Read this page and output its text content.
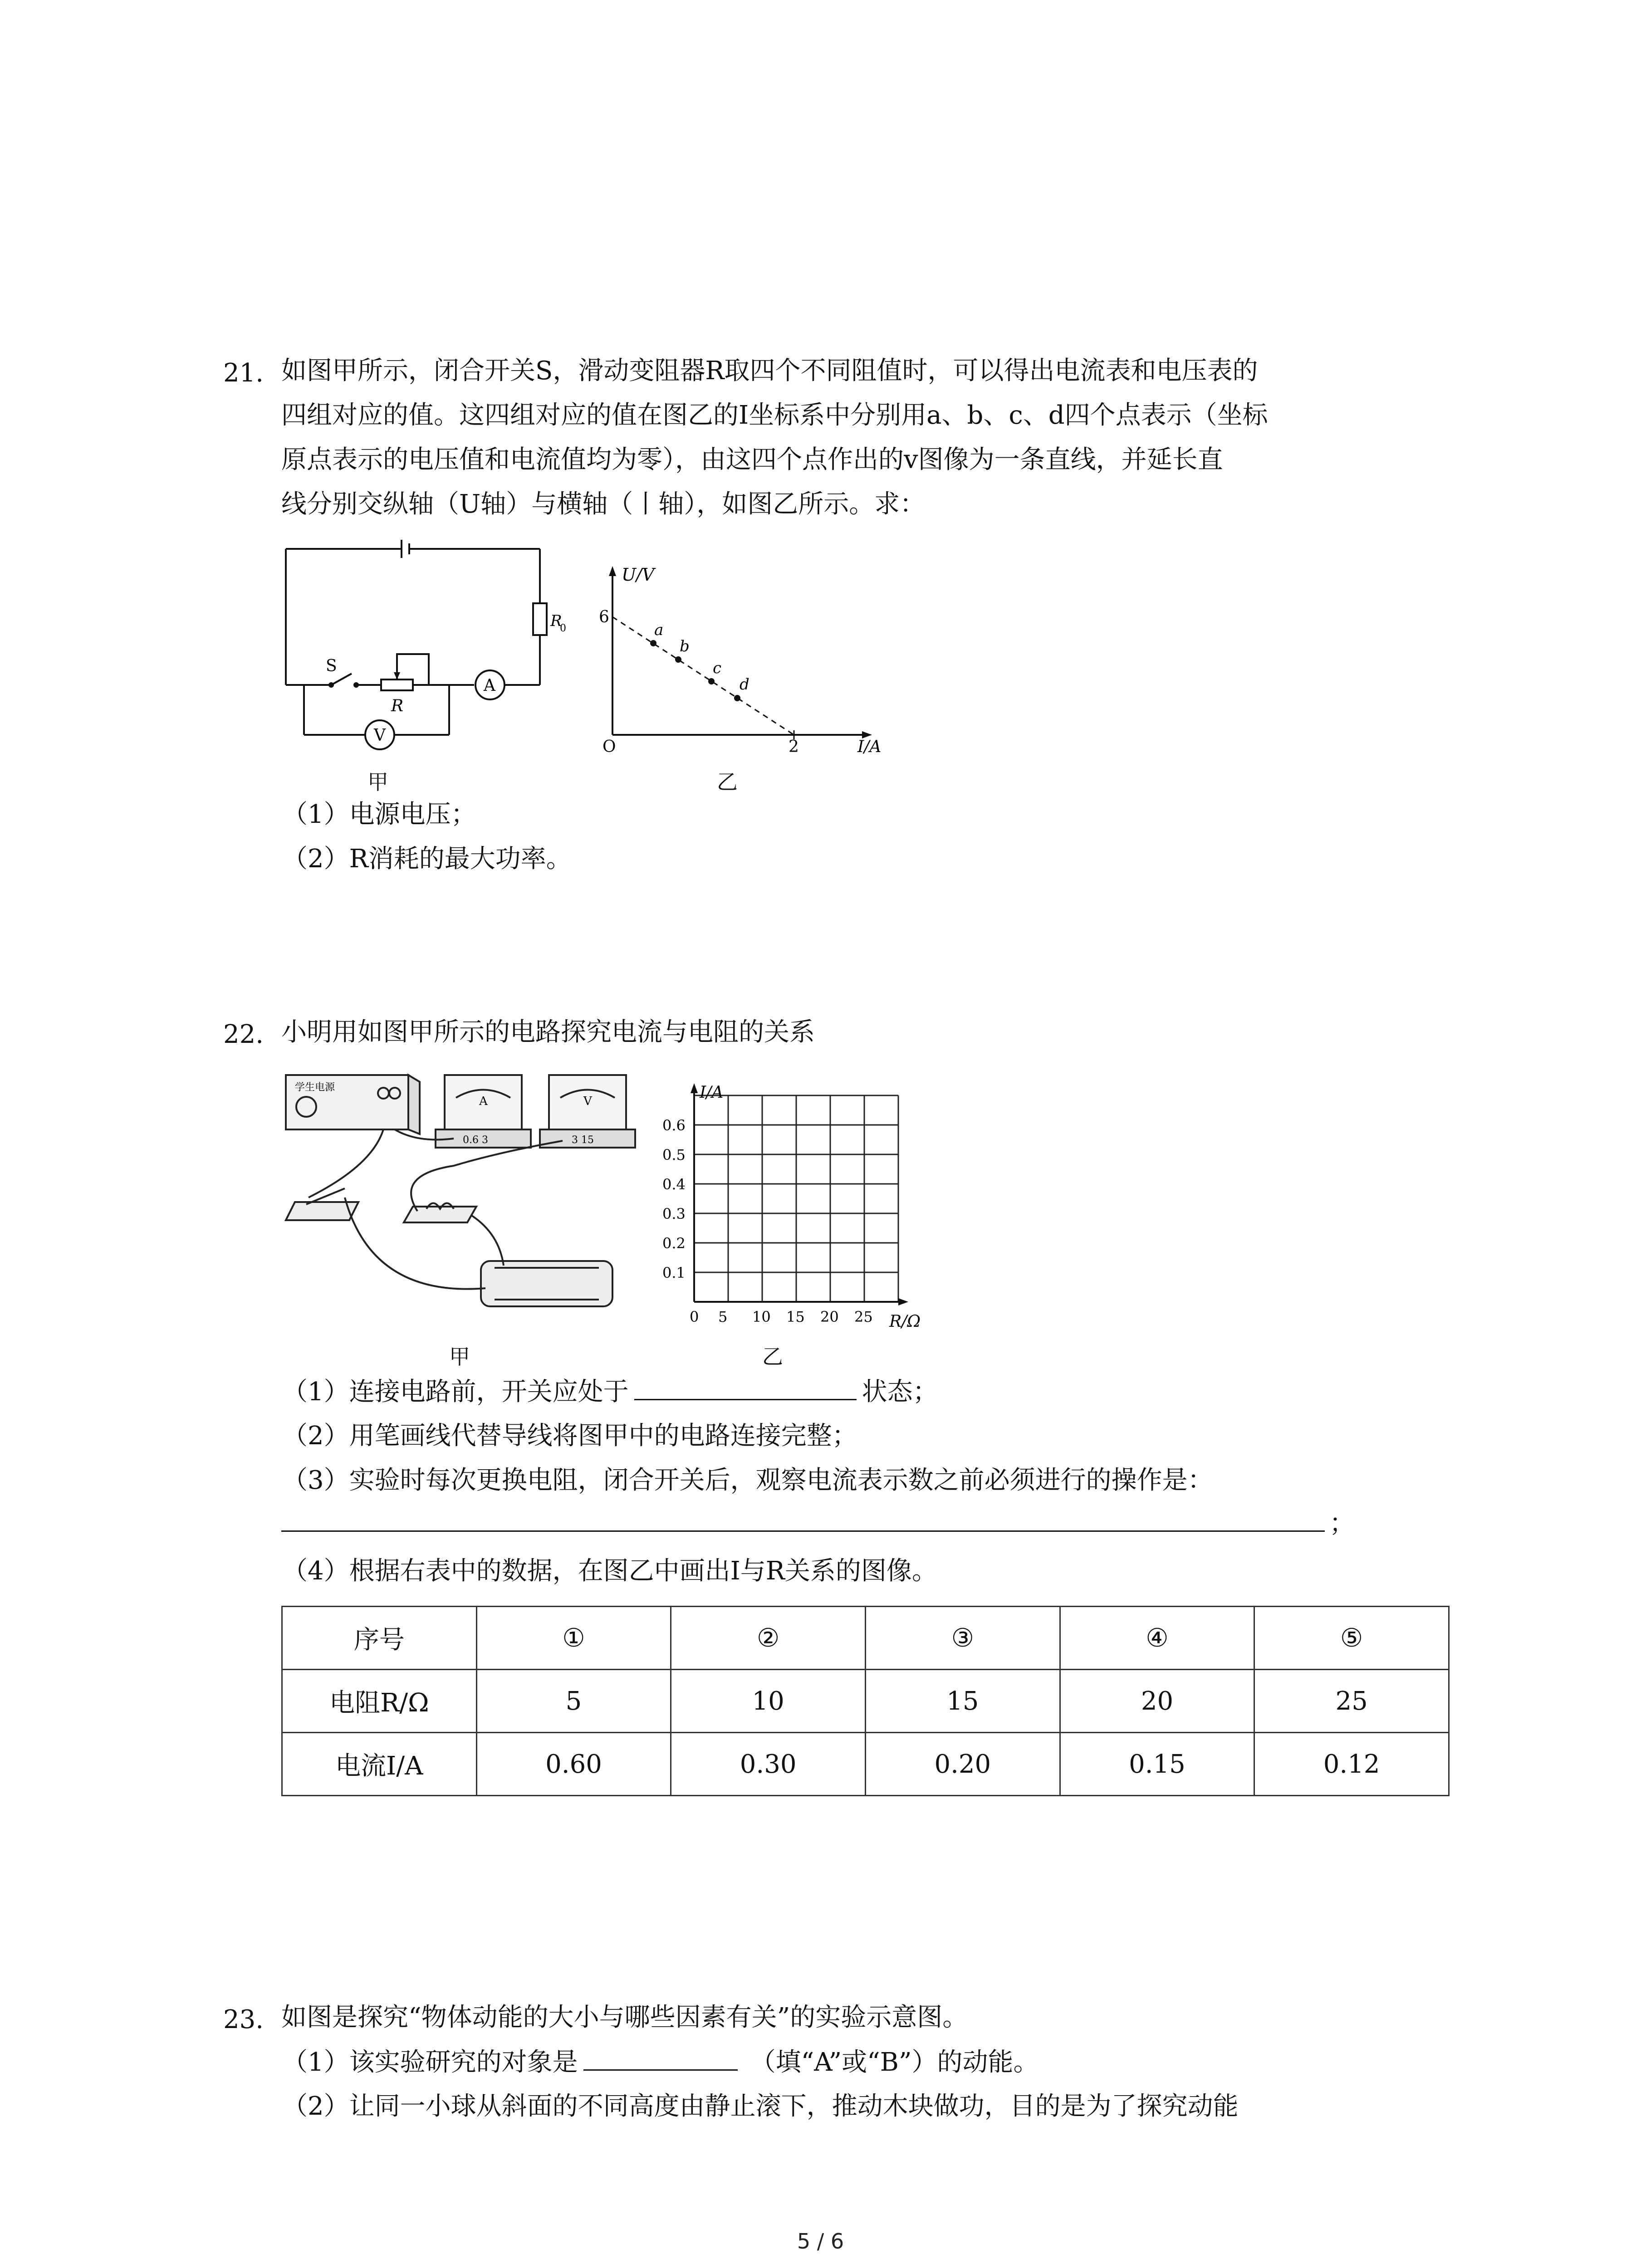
21. 如图甲所示，闭合开关S，滑动变阻器R取四个不同阻值时，可以得出电流表和电压表的
四组对应的值。这四组对应的值在图乙的I坐标系中分别用a、b、c、d四个点表示（坐标
原点表示的电压值和电流值均为零），由这四个点作出的v图像为一条直线，并延长直
线分别交纵轴（U轴）与横轴（丨轴），如图乙所示。求：
S
R
R
0
A
V
甲
U/V
6
O	2	I/A
a
b
c
d
乙
（1）电源电压；
（2）R消耗的最大功率。
22. 小明用如图甲所示的电路探究电流与电阻的关系
学生电源
A	V
0.6 3	3 15
甲
0.1
0.2
0.3
0.4
0.5
0.6
0 5 10 15 20 25
I/A
R/Ω
乙
（1）连接电路前，开关应处于	状态；
（2）用笔画线代替导线将图甲中的电路连接完整；
（3）实验时每次更换电阻，闭合开关后，观察电流表示数之前必须进行的操作是：
；
（4）根据右表中的数据，在图乙中画出I与R关系的图像。
序号	①	②	③	④	⑤
电阻R/Ω	5	10	15	20	25
电流I/A	0.60	0.30	0.20	0.15	0.12
23. 如图是探究“物体动能的大小与哪些因素有关”的实验示意图。
（1）该实验研究的对象是	（填“A”或“B”）的动能。
（2）让同一小球从斜面的不同高度由静止滚下，推动木块做功，目的是为了探究动能
5 / 6
